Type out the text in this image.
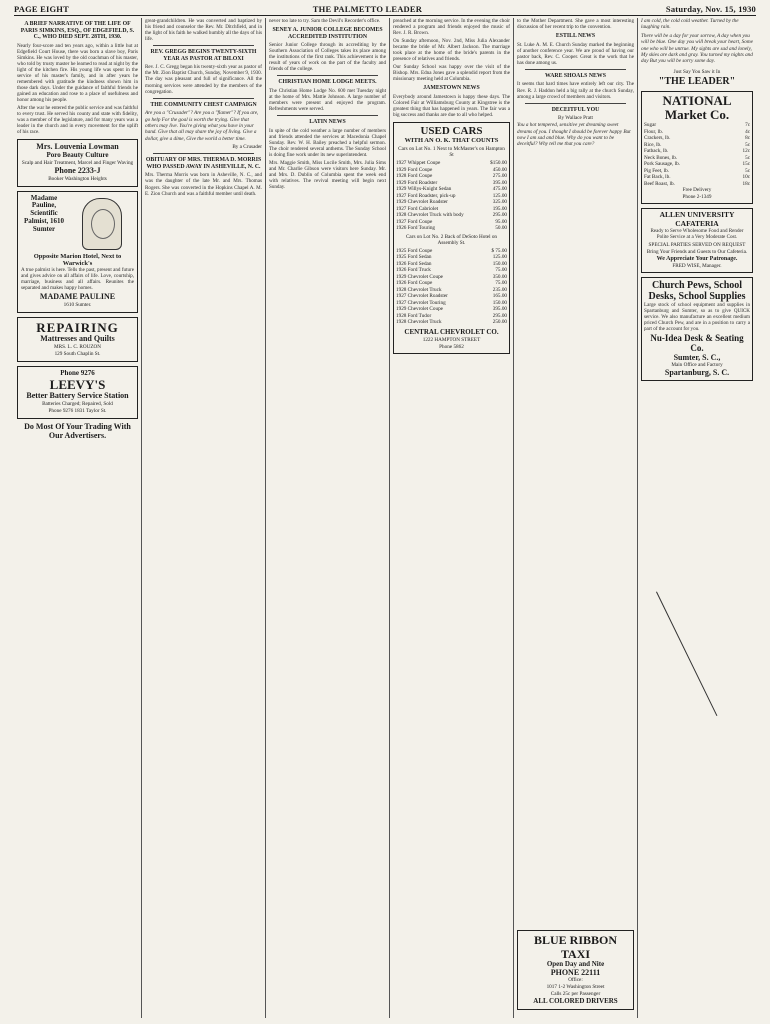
PAGE EIGHT	THE PALMETTO LEADER	Saturday, Nov. 15, 1930
A BRIEF NARRATIVE OF THE LIFE OF PARIS SIMKINS, ESQ., OF EDGEFIELD, S. C., WHO DIED SEPT. 28TH, 1930.
Nearly four-score and ten years ago, within a little hut at Edgefield Court House, there was born a slave boy, Paris Simkins. He was loved by the old coachman of his master, who told by trusty master he learned to read at night by the light of the kitchen fire. His young life was spent in the service of his master's family, and in after years he remembered with gratitude the kindness shown him in those dark days. Under the guidance of faithful friends he gained an education and rose to a place of usefulness and honor among his people.
After the war he entered the public service and was faithful to every trust. He served his county and state with fidelity, was a member of the legislature, and for many years was a leader in the church and in every movement for the uplift of his race.
Mrs. Louvenia Lowman
Poro Beauty Culture
Scalp and Hair Treatment, Marcel and Finger Waving
Phone 2233-J
Booker Washington Heights
Madame Pauline, Scientific Palmist, 1610 Sumter
Opposite Marion Hotel, Next to Warwick's
A true palmist is here. Tells the past, present and future and gives advice on all affairs of life. Love, courtship, marriage, business and all affairs. Reunites the separated and makes happy homes.
MADAME PAULINE
1610 Sumter.
REPAIRING
Mattresses and Quilts
MRS. L. C. ROUZON
129 South Chaplin St.
Phone 9276
LEEVY'S
Better Battery Service Station
Batteries Charged; Repaired, Sold
Phone 9276 1831 Taylor St.
Do Most Of Your Trading With Our Advertisers.
great-grandchildren. He was converted and baptized by his friend and counselor the Rev. Mr. Ditchfield, and in the light of his faith he walked humbly all the days of his life.
REV. GREGG BEGINS TWENTY-SIXTH YEAR AS PASTOR AT BILOXI
Rev. J. C. Gregg began his twenty-sixth year as pastor of the Mt. Zion Baptist Church, Sunday, November 9, 1930. The day was pleasant and full of significance. All the morning services were attended by the members of the congregation.
THE COMMUNITY CHEST CAMPAIGN
Are you a "Crusader"? Are you a "flamer"? If you are, go help For the goal is worth the trying. Give that others may live. You're giving what you have in your hand. Give that all may share the joy of living. Give a dollar, give a dime, Give the world a better time.
By a Crusader
OBITUARY OF MRS. THERMA D. MORRIS WHO PASSED AWAY IN ASHEVILLE, N. C.
Mrs. Therma Morris was born in Asheville, N. C., and was the daughter of the late Mr. and Mrs. Thomas Rogers. She was converted in the Hopkins Chapel A. M. E. Zion Church and was a faithful member until death.
never too late to try. Sam the Devil's Recorder's office.
SENEY A. JUNIOR COLLEGE BECOMES ACCREDITED INSTITUTION
Senior Junior College through its accrediting by the Southern Association of Colleges takes its place among the institutions of the first rank. This achievement is the result of years of work on the part of the faculty and friends of the college.
CHRISTIAN HOME LODGE MEETS.
The Christian Home Lodge No. 600 met Tuesday night at the home of Mrs. Mattie Johnson. A large number of members were present and enjoyed the program. Refreshments were served.
LATIN NEWS
In spite of the cold weather a large number of members and friends attended the services at Macedonia Chapel Sunday. Rev. W. H. Bailey preached a helpful sermon. The choir rendered several anthems. The Sunday School is doing fine work under its new superintendent.
Mrs. Maggie Smith, Miss Lucile Smith, Mrs. Julia Sims and Mr. Charlie Gibson were visitors here Sunday. Mr. and Mrs. D. Dublin of Columbia spent the week end with relatives. The revival meeting will begin next Sunday.
preached at the morning service. In the evening the choir rendered a program and friends enjoyed the music of Rev. J. R. Brown.
On Sunday afternoon, Nov. 2nd, Miss Julia Alexander became the bride of Mr. Albert Jackson. The marriage took place at the home of the bride's parents in the presence of relatives and friends.
Our Sunday School was happy over the visit of the Bishop. Mrs. Edna Jones gave a splendid report from the missionary meeting held at Columbia.
JAMESTOWN NEWS
Everybody around Jamestown is happy these days. The Colored Fair at Williamsburg County at Kingstree is the greatest thing that has happened in years. The fair was a big success and thanks are due to all who helped.
USED CARS
WITH AN O. K. THAT COUNTS
Cars on Lot No. 1 Next to McMaster's on Hampton St
1927 Whippet Coupe	$150.00
1929 Ford Coupe	450.00
1928 Ford Coupe	275.00
1929 Ford Roadster	395.00
1929 Willys-Knight Sedan	475.00
1927 Ford Roadster, pick-up	125.00
1929 Chevrolet Roadster	325.00
1927 Ford Cabriolet	195.00
1928 Chevrolet Truck with body	295.00
1927 Ford Coupe	95.00
1926 Ford Touring	50.00
Cars on Lot No. 2 Back of DeSoto Hotel on Assembly St.
1925 Ford Coupe	$ 75.00
1925 Ford Sedan	125.00
1926 Ford Sedan	150.00
1926 Ford Truck	75.00
1929 Chevrolet Coupe	350.00
1926 Ford Coupe	75.00
1928 Chevrolet Truck	235.00
1927 Chevrolet Roadster	165.00
1927 Chevrolet Touring	150.00
1929 Chevrolet Coupe	395.00
1928 Ford Tudor	295.00
1928 Chevrolet Truck	250.00
CENTRAL CHEVROLET CO.
1222 HAMPTON STREET
Phone 5862
to the Mother Department. She gave a most interesting discussion of her recent trip to the convention.
ESTILL NEWS
St. Luke A. M. E. Church Sunday marked the beginning of another conference year. We are proud of having our pastor back, Rev. C. Cooper. Great is the work that he has done among us.
WARE SHOALS NEWS
It seems that hard times have entirely left our city. The Rev. R. J. Haddon held a big rally at the church Sunday, among a large crowd of members and visitors.
DECEITFUL YOU
By Wallace Pratt
You a hot tempered, sensitive yet dreaming sweet dreams of you. I thought I should be forever happy But now I am sad and blue. Why do you want to be deceitful? Why tell me that you care?
BLUE RIBBON TAXI
Open Day and Nite
PHONE 22111
Office:
1017 1-2 Washington Street
Calls 25c per Passenger
ALL COLORED DRIVERS
I am cold, the cold cold weather. Turned by the laughing rain.
There will be a day for your sorrow, A day when you will be blue. One day you will break your heart, Some one who will be untrue. My sights are sad and lonely, My skies are dark and gray. You turned my nights and day But you will be sorry some day.
Just Say You Saw it In
"THE LEADER"
NATIONAL Market Co.
Sugar	7c
Flour, lb.	4c
Crackers, lb.	8c
Rice, lb.	5c
Fatback, lb.	12c
Neck Bones, lb.	5c
Pork Sausage, lb.	15c
Pig Feet, lb.	5c
Fat Back, lb.	10c
Beef Roast, lb.	18c
Free Delivery
Phone 2-1349
ALLEN UNIVERSITY CAFATERIA
Ready to Serve Wholesome Food and Render Polite Service at a Very Moderate Cost.
SPECIAL PARTIES SERVED ON REQUEST
Bring Your Friends and Guests to Our Cafeteria.
We Appreciate Your Patronage.
FRED WISE, Manager.
Church Pews, School Desks, School Supplies
Large stock of school equipment and supplies in Spartanburg and Sumter, so as to give QUICK service. We also manufacture an excellent medium priced Church Pew, and are in a position to carry a part of the account for you.
Nu-Idea Desk & Seating Co.
Sumter, S. C.,
Main Office and Factory
Spartanburg, S. C.
